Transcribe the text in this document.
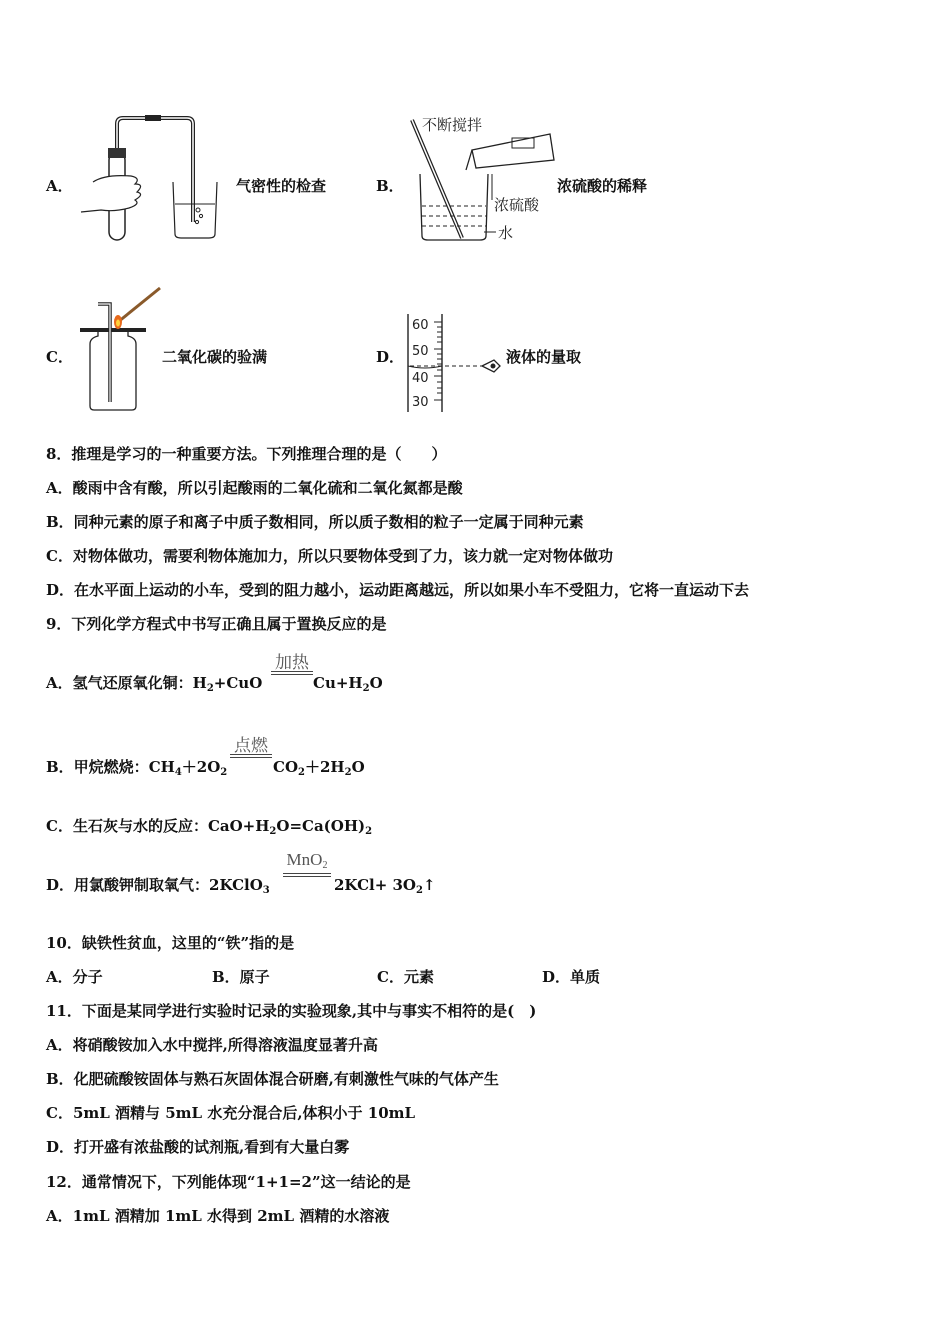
A．	气密性的检查	B．
不断搅拌
浓硫酸
水
浓硫酸的稀释
C．	二氧化碳的验满	D．
60
50
40
30
液体的量取
8．推理是学习的一种重要方法。下列推理合理的是（　　）
A．酸雨中含有酸，所以引起酸雨的二氧化硫和二氧化氮都是酸
B．同种元素的原子和离子中质子数相同，所以质子数相的粒子一定属于同种元素
C．对物体做功，需要利物体施加力，所以只要物体受到了力，该力就一定对物体做功
D．在水平面上运动的小车，受到的阻力越小，运动距离越远，所以如果小车不受阻力，它将一直运动下去
9．下列化学方程式中书写正确且属于置换反应的是
A．氢气还原氧化铜：$H_2+CuO$
加热
$Cu+H_2O$
B．甲烷燃烧：$CH_4+2O_2$
点燃
$CO_2+2H_2O$
C．生石灰与水的反应：$CaO+H_2O=Ca(OH)_2$
D．用氯酸钾制取氧气：2KClO$_3$
MnO$_2$
$2KCl+ 3O_2↑$
10．缺铁性贫血，这里的“铁”指的是
A．分子	B．原子	C．元素	D．单质
11．下面是某同学进行实验时记录的实验现象,其中与事实不相符的是(　)
A．将硝酸铵加入水中搅拌,所得溶液温度显著升高
B．化肥硫酸铵固体与熟石灰固体混合研磨,有刺激性气味的气体产生
C．5mL 酒精与 5mL 水充分混合后,体积小于 10mL
D．打开盛有浓盐酸的试剂瓶,看到有大量白雾
12．通常情况下，下列能体现“1+1=2”这一结论的是
A．1mL 酒精加 1mL 水得到 2mL 酒精的水溶液
